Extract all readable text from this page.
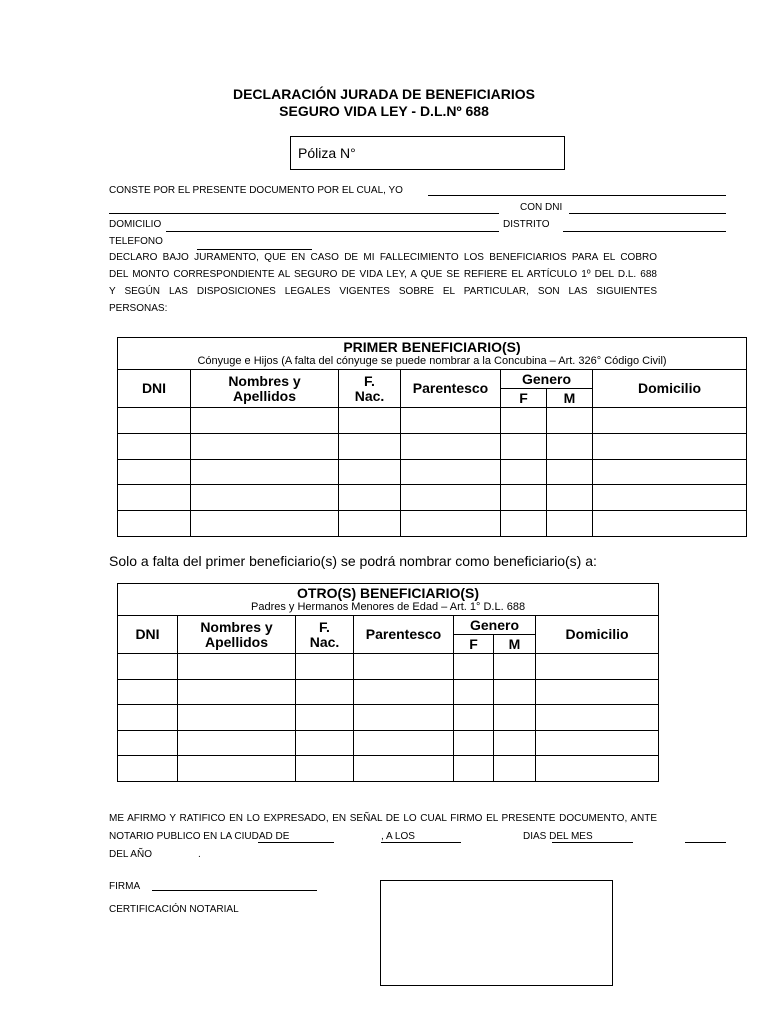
DECLARACIÓN JURADA DE BENEFICIARIOS
SEGURO VIDA LEY - D.L.Nº 688
Póliza N°
CONSTE POR EL PRESENTE DOCUMENTO POR EL CUAL, YO
CON DNI
DOMICILIO	DISTRITO
TELEFONO
DECLARO BAJO JURAMENTO, QUE EN CASO DE MI FALLECIMIENTO LOS BENEFICIARIOS PARA EL COBRO
DEL MONTO CORRESPONDIENTE AL SEGURO DE VIDA LEY, A QUE SE REFIERE EL ARTÍCULO 1º DEL D.L. 688
Y SEGÚN LAS DISPOSICIONES LEGALES VIGENTES SOBRE EL PARTICULAR, SON LAS SIGUIENTES
PERSONAS:
PRIMER BENEFICIARIO(S)
Cónyuge e Hijos (A falta del cónyuge se puede nombrar a la Concubina – Art. 326° Código Civil)						

DNI	Nombres y Apellidos	F. Nac.	Parentesco	Genero		Domicilio
				F	M	

Solo a falta del primer beneficiario(s) se podrá nombrar como beneficiario(s) a:
OTRO(S) BENEFICIARIO(S)
Padres y Hermanos Menores de Edad – Art. 1° D.L. 688						

DNI	Nombres y Apellidos	F. Nac.	Parentesco	Genero		Domicilio
				F	M	

ME AFIRMO Y RATIFICO EN LO EXPRESADO, EN SEÑAL DE LO CUAL FIRMO EL PRESENTE DOCUMENTO, ANTE
NOTARIO PUBLICO EN LA CIUDAD DE	, A LOS	DIAS DEL MES
DEL AÑO	.
FIRMA
CERTIFICACIÓN NOTARIAL
